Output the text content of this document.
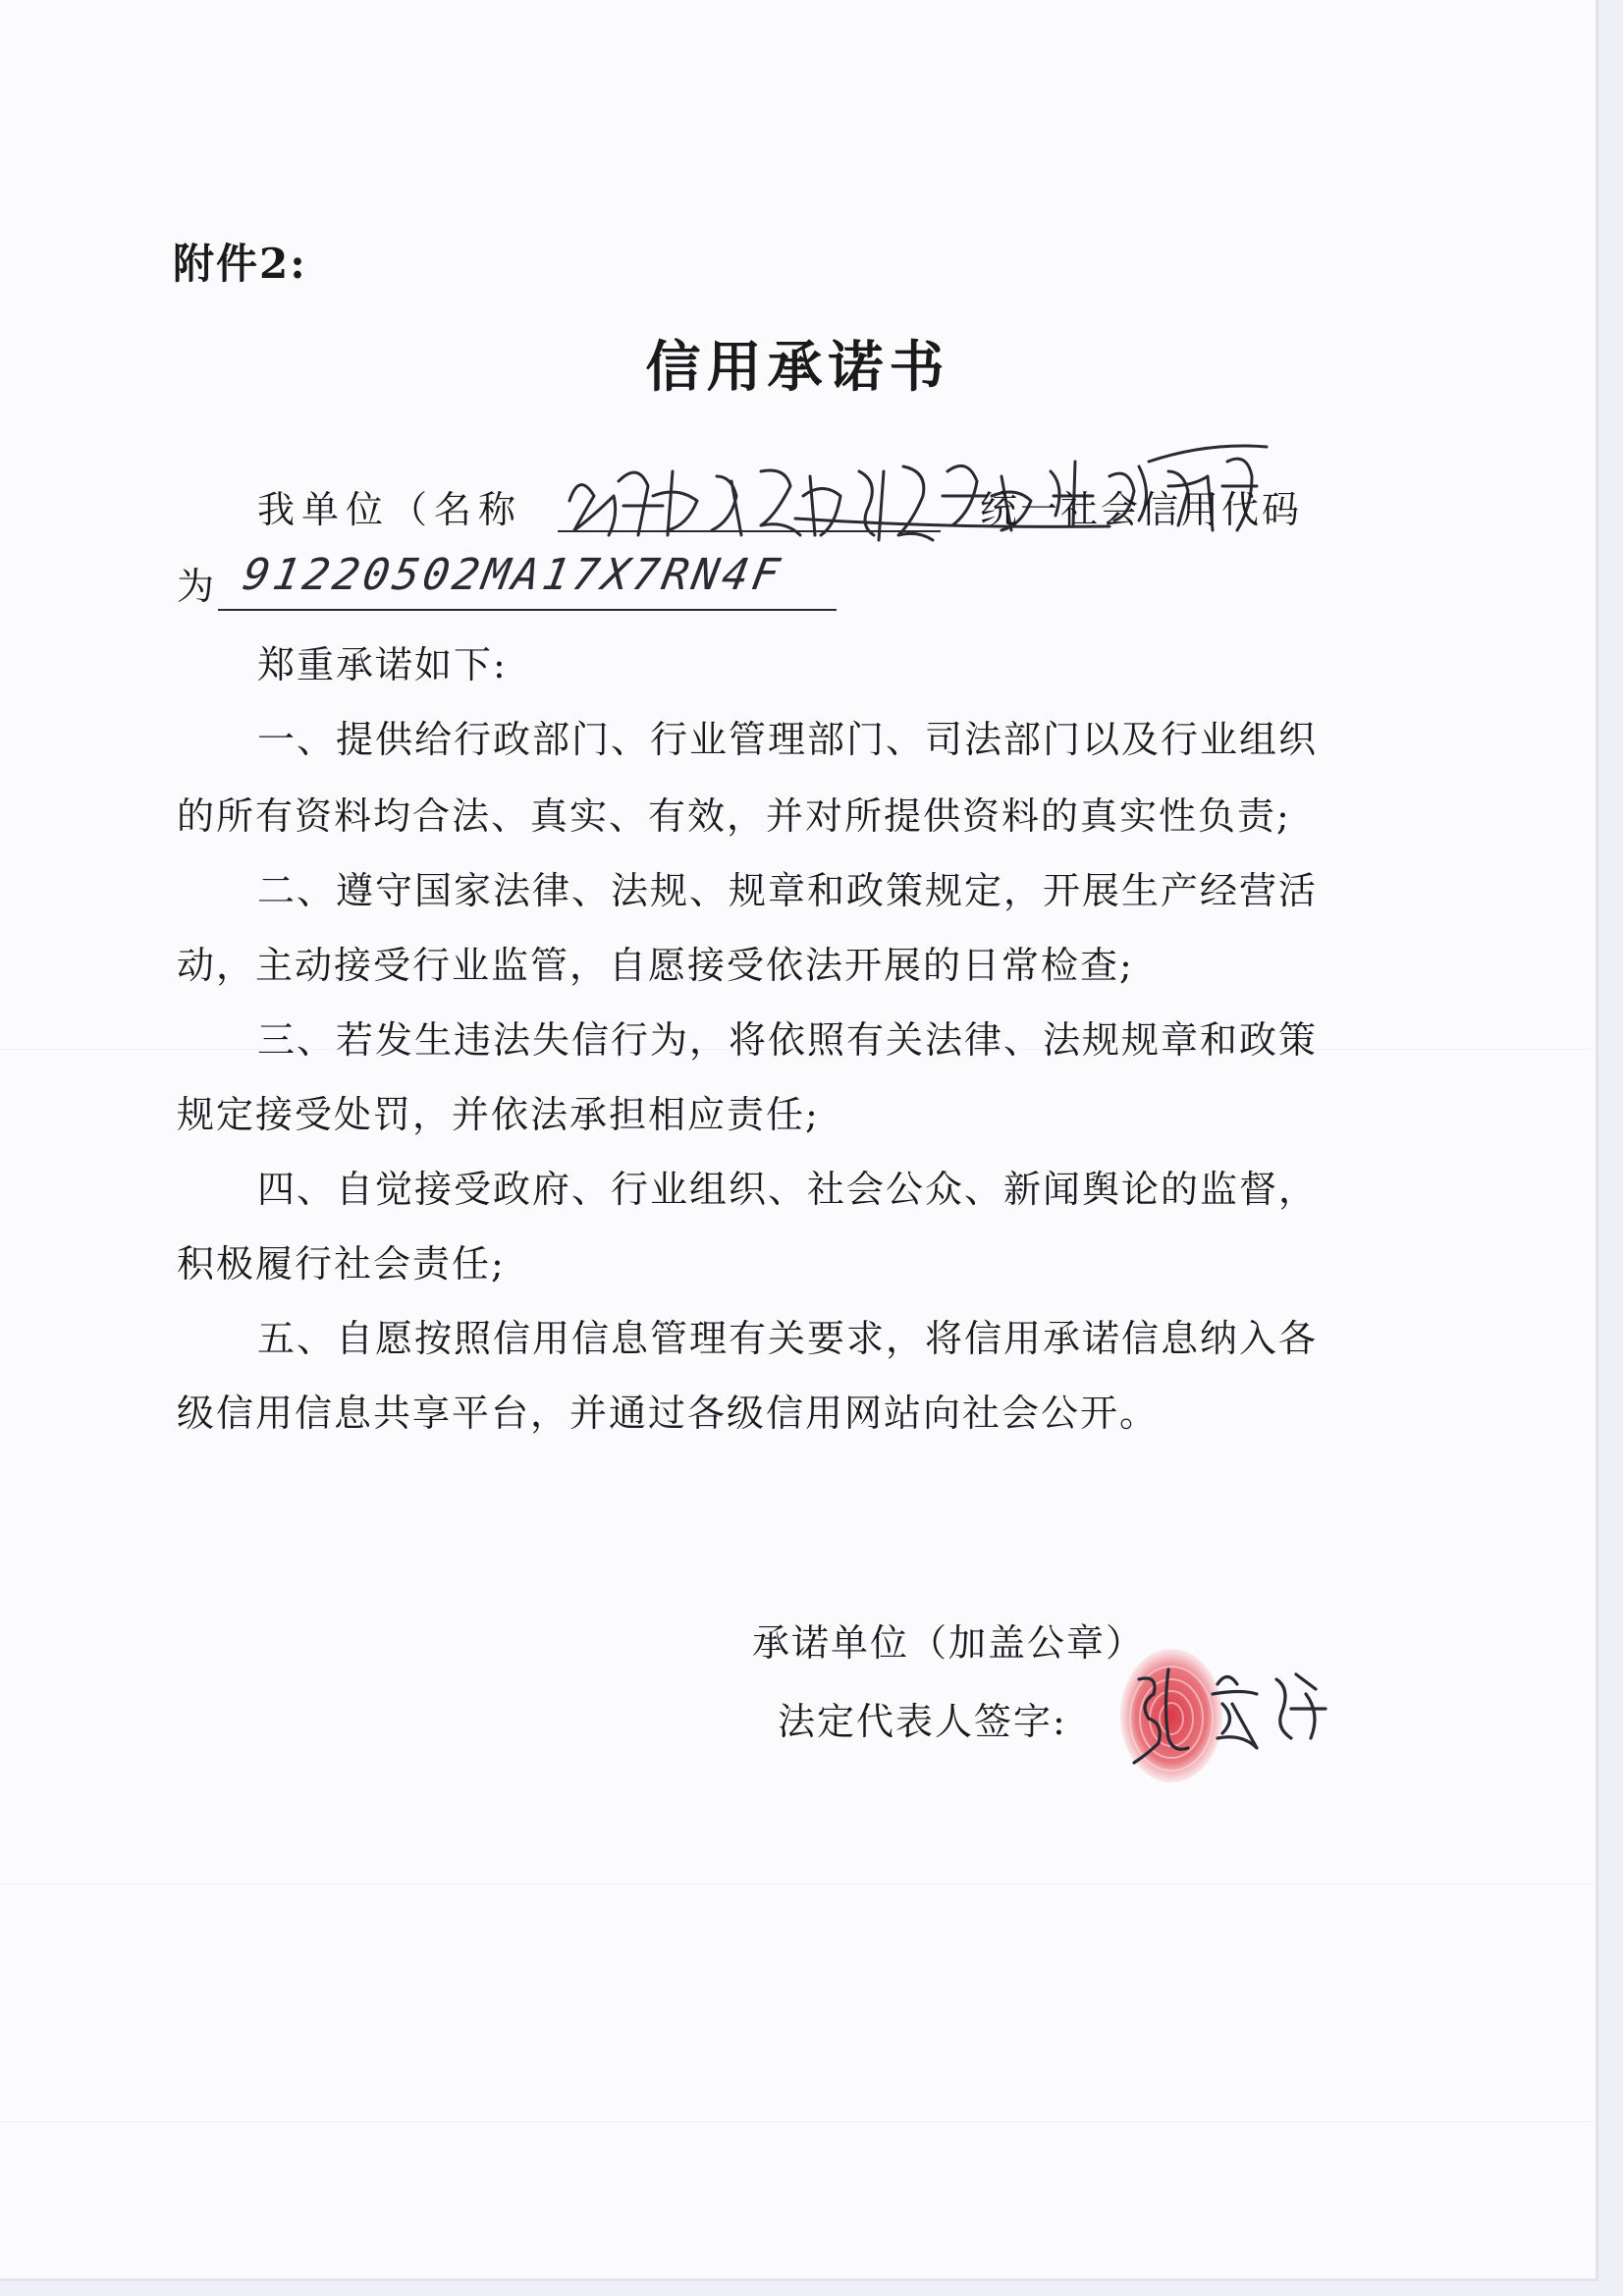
附件2:
信用承诺书
我单位（名称	统一社会信用代码
为 91220502MA17X7RN4F
郑重承诺如下:
一、提供给行政部门、行业管理部门、司法部门以及行业组织
的所有资料均合法、真实、有效，并对所提供资料的真实性负责;
二、遵守国家法律、法规、规章和政策规定，开展生产经营活
动，主动接受行业监管，自愿接受依法开展的日常检查;
三、若发生违法失信行为，将依照有关法律、法规规章和政策
规定接受处罚，并依法承担相应责任;
四、自觉接受政府、行业组织、社会公众、新闻舆论的监督，
积极履行社会责任;
五、自愿按照信用信息管理有关要求，将信用承诺信息纳入各
级信用信息共享平台，并通过各级信用网站向社会公开。
承诺单位（加盖公章）
法定代表人签字:
